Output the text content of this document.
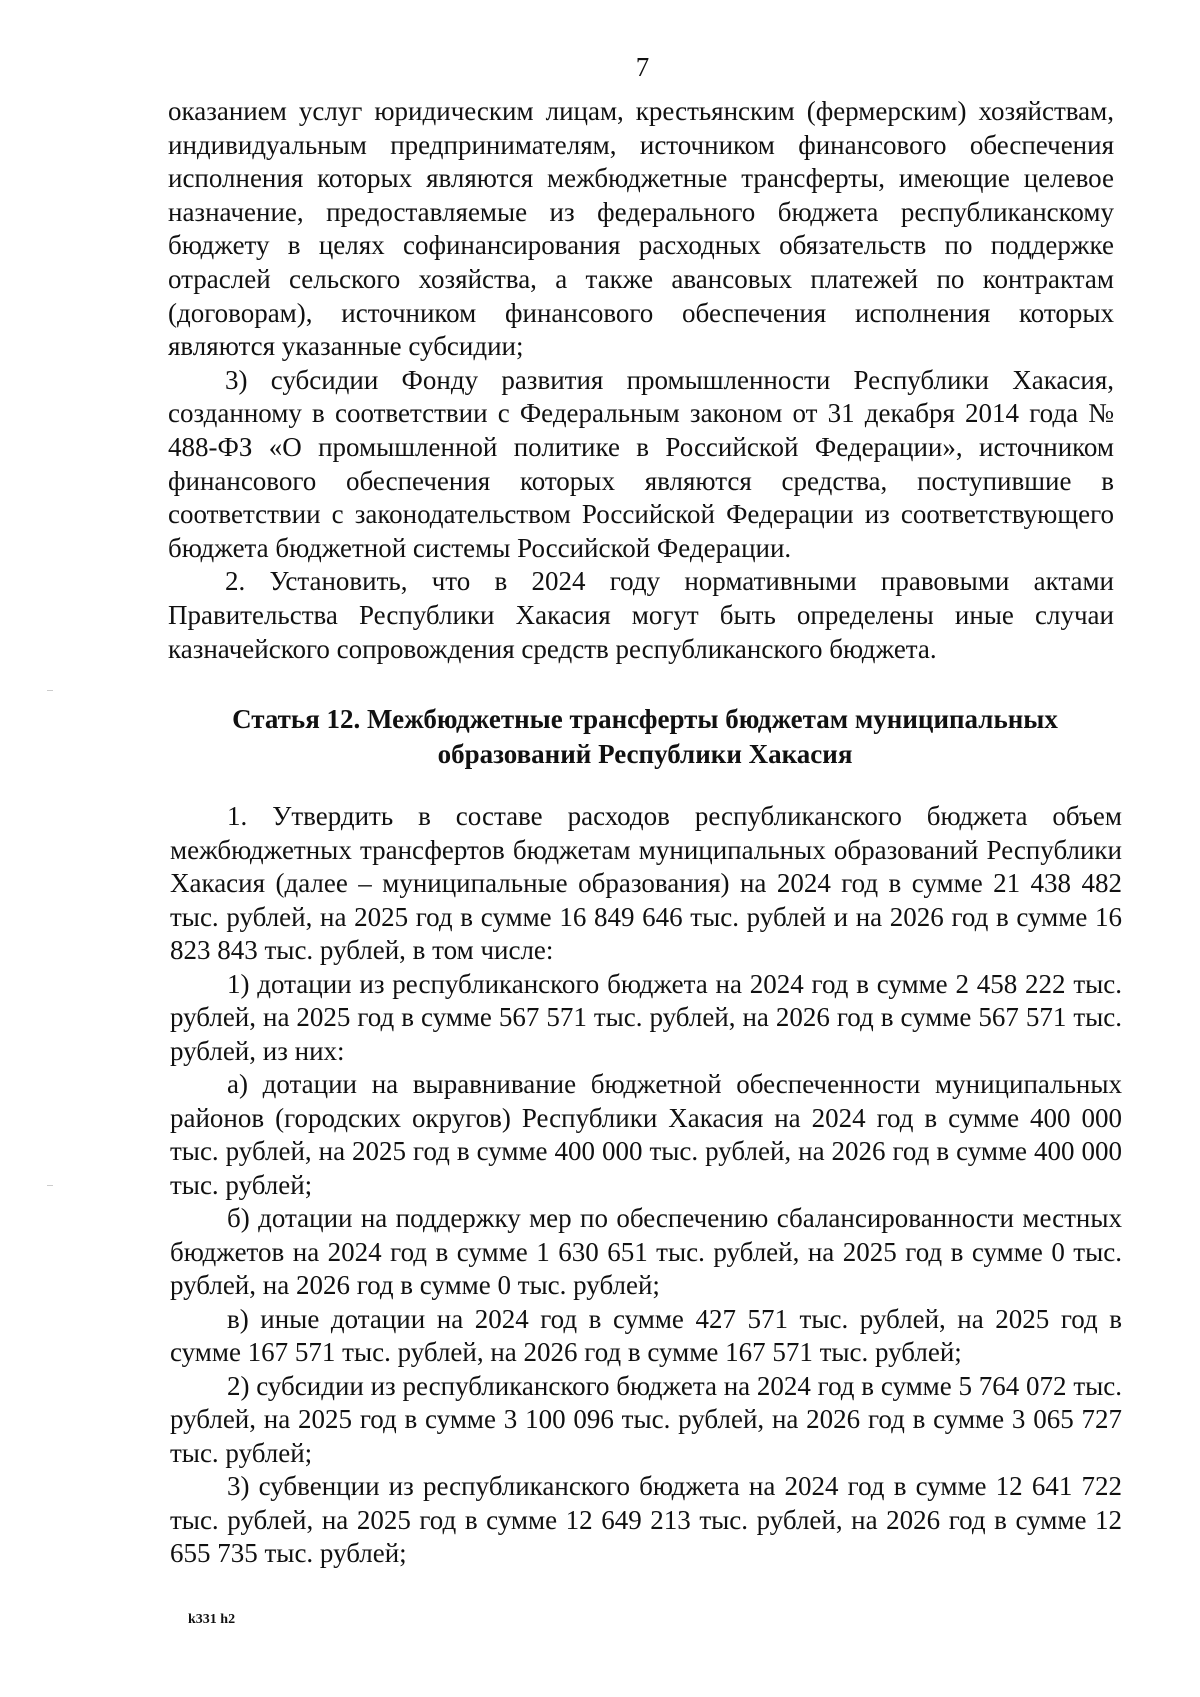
7

оказанием услуг юридическим лицам, крестьянским (фермерским) хозяйствам, индивидуальным предпринимателям, источником финансового обеспечения исполнения которых являются межбюджетные трансферты, имеющие целевое назначение, предоставляемые из федерального бюджета республиканскому бюджету в целях софинансирования расходных обязательств по поддержке отраслей сельского хозяйства, а также авансовых платежей по контрактам (договорам), источником финансового обеспечения исполнения которых являются указанные субсидии;

3) субсидии Фонду развития промышленности Республики Хакасия, созданному в соответствии с Федеральным законом от 31 декабря 2014 года № 488-ФЗ «О промышленной политике в Российской Федерации», источником финансового обеспечения которых являются средства, поступившие в соответствии с законодательством Российской Федерации из соответствующего бюджета бюджетной системы Российской Федерации.

2. Установить, что в 2024 году нормативными правовыми актами Правительства Республики Хакасия могут быть определены иные случаи казначейского сопровождения средств республиканского бюджета.

Статья 12. Межбюджетные трансферты бюджетам муниципальных
образований Республики Хакасия

1. Утвердить в составе расходов республиканского бюджета объем межбюджетных трансфертов бюджетам муниципальных образований Республики Хакасия (далее – муниципальные образования) на 2024 год в сумме 21 438 482 тыс. рублей, на 2025 год в сумме 16 849 646 тыс. рублей и на 2026 год в сумме 16 823 843 тыс. рублей, в том числе:

1) дотации из республиканского бюджета на 2024 год в сумме 2 458 222 тыс. рублей, на 2025 год в сумме 567 571 тыс. рублей, на 2026 год в сумме 567 571 тыс. рублей, из них:

а) дотации на выравнивание бюджетной обеспеченности муниципальных районов (городских округов) Республики Хакасия на 2024 год в сумме 400 000 тыс. рублей, на 2025 год в сумме 400 000 тыс. рублей, на 2026 год в сумме 400 000 тыс. рублей;

б) дотации на поддержку мер по обеспечению сбалансированности местных бюджетов на 2024 год в сумме 1 630 651 тыс. рублей, на 2025 год в сумме 0 тыс. рублей, на 2026 год в сумме 0 тыс. рублей;

в) иные дотации на 2024 год в сумме 427 571 тыс. рублей, на 2025 год в сумме 167 571 тыс. рублей, на 2026 год в сумме 167 571 тыс. рублей;

2) субсидии из республиканского бюджета на 2024 год в сумме 5 764 072 тыс. рублей, на 2025 год в сумме 3 100 096 тыс. рублей, на 2026 год в сумме 3 065 727 тыс. рублей;

3) субвенции из республиканского бюджета на 2024 год в сумме 12 641 722 тыс. рублей, на 2025 год в сумме 12 649 213 тыс. рублей, на 2026 год в сумме 12 655 735 тыс. рублей;

k331 h2
